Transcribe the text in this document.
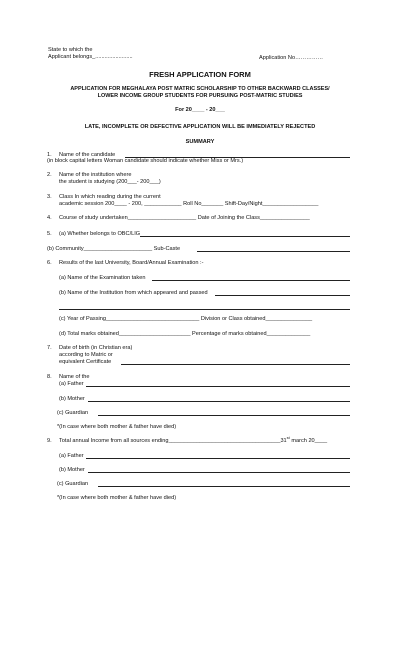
State to which the
Applicant belongs_........................	Application No……………
FRESH APPLICATION FORM
APPLICATION FOR MEGHALAYA POST MATRIC SCHOLARSHIP TO OTHER BACKWARD CLASSES/
LOWER INCOME GROUP STUDENTS FOR PURSUING POST-MATRIC STUDIES
For 20____ - 20___
LATE, INCOMPLETE OR DEFECTIVE APPLICATION WILL BE IMMEDIATELY REJECTED
SUMMARY
1. Name of the candidate
(in block capital letters Woman candidate should indicate whether Miss or Mrs.)
2. Name of the institution where
the student is studying (200___- 200___)
3. Class In which reading during the current
academic session 200____ - 200, ____________ Roll No_______ Shift-Day/Night__________________
4. Course of study undertaken______________________ Date of Joining the Class________________
5. (a) Whether belongs to OBC/LIG
(b) Community______________________ Sub-Caste
6. Results of the last University, Board/Annual Examination :-
(a) Name of the Examination taken
(b) Name of the Institution from which appeared and passed
(c) Year of Passing______________________________ Division or Class obtained_______________
(d) Total marks obtained_______________________ Percentage of marks obtained______________
7. Date of birth (in Christian era)
according to Matric or
equivalent Certificate
8. Name of the
(a) Father
(b) Mother
(c) Guardian
*(In case where both mother & father have died)
9. Total annual Income from all sources ending____________________________________31st march 20____
(a) Father
(b) Mother
(c) Guardian
*(In case where both mother & father have died)
